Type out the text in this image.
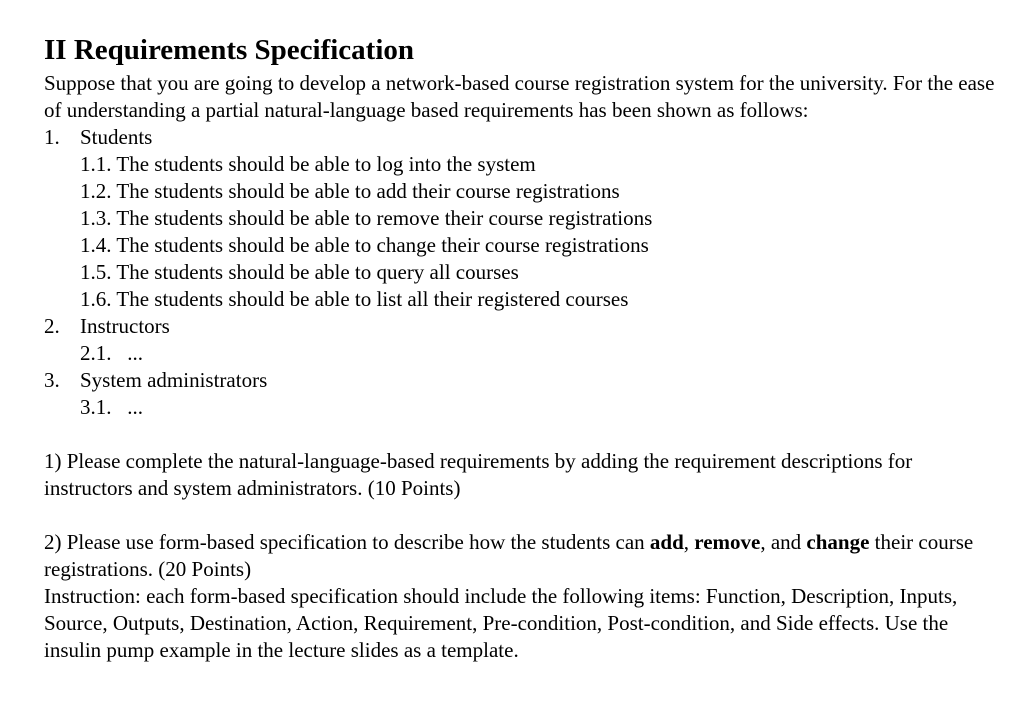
II Requirements Specification

Suppose that you are going to develop a network-based course registration system for the university. For the ease of understanding a partial natural-language based requirements has been shown as follows:

1. Students
1.1. The students should be able to log into the system
1.2. The students should be able to add their course registrations
1.3. The students should be able to remove their course registrations
1.4. The students should be able to change their course registrations
1.5. The students should be able to query all courses
1.6. The students should be able to list all their registered courses
2. Instructors
2.1.   ...
3. System administrators
3.1.   ...

1) Please complete the natural-language-based requirements by adding the requirement descriptions for instructors and system administrators. (10 Points)

2) Please use form-based specification to describe how the students can add, remove, and change their course registrations. (20 Points)

Instruction: each form-based specification should include the following items: Function, Description, Inputs, Source, Outputs, Destination, Action, Requirement, Pre-condition, Post-condition, and Side effects. Use the insulin pump example in the lecture slides as a template.
